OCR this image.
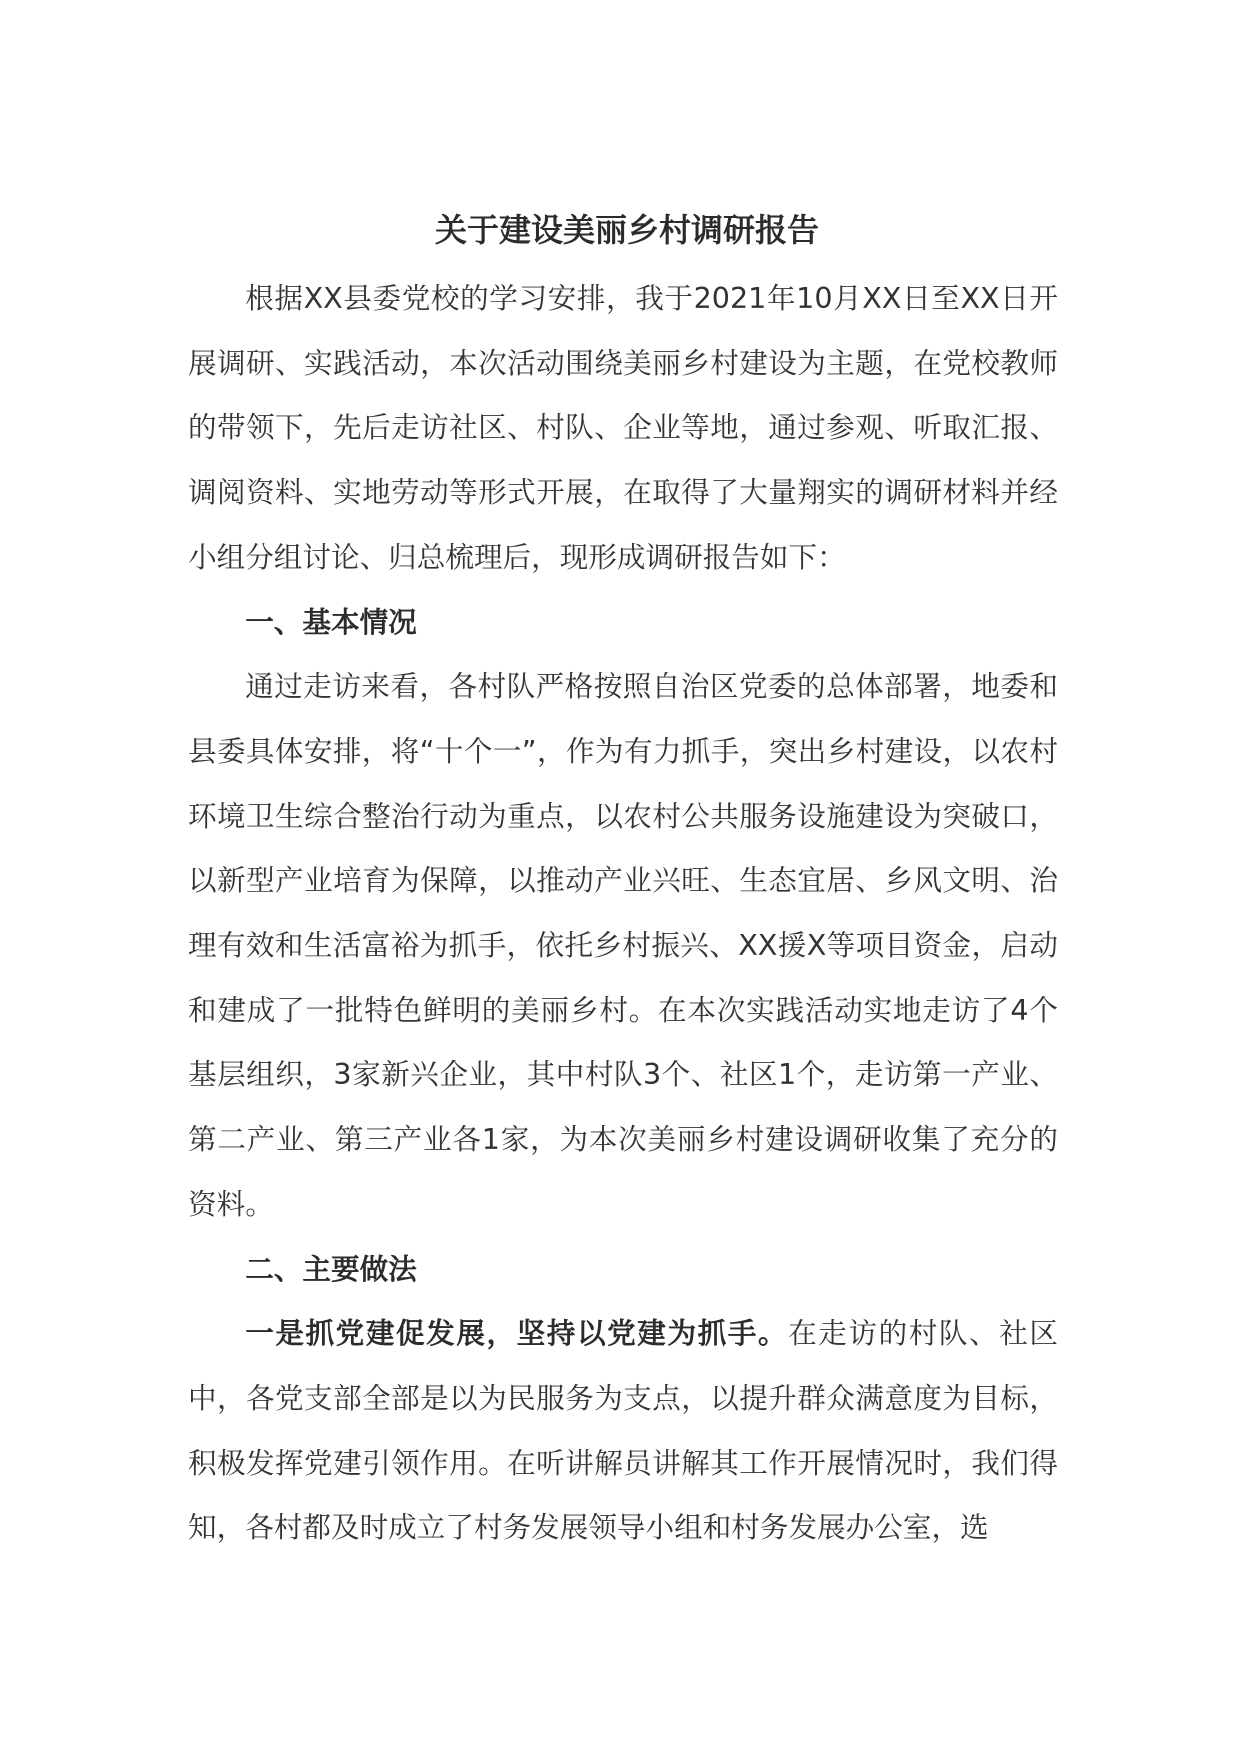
关于建设美丽乡村调研报告

根据XX县委党校的学习安排，我于2021年10月XX日至XX日开展调研、实践活动，本次活动围绕美丽乡村建设为主题，在党校教师的带领下，先后走访社区、村队、企业等地，通过参观、听取汇报、调阅资料、实地劳动等形式开展，在取得了大量翔实的调研材料并经小组分组讨论、归总梳理后，现形成调研报告如下：

一、基本情况

通过走访来看，各村队严格按照自治区党委的总体部署，地委和县委具体安排，将“十个一”，作为有力抓手，突出乡村建设，以农村环境卫生综合整治行动为重点，以农村公共服务设施建设为突破口，以新型产业培育为保障，以推动产业兴旺、生态宜居、乡风文明、治理有效和生活富裕为抓手，依托乡村振兴、XX援X等项目资金，启动和建成了一批特色鲜明的美丽乡村。在本次实践活动实地走访了4个基层组织，3家新兴企业，其中村队3个、社区1个，走访第一产业、第二产业、第三产业各1家，为本次美丽乡村建设调研收集了充分的资料。

二、主要做法

一是抓党建促发展，坚持以党建为抓手。在走访的村队、社区中，各党支部全部是以为民服务为支点，以提升群众满意度为目标，积极发挥党建引领作用。在听讲解员讲解其工作开展情况时，我们得知，各村都及时成立了村务发展领导小组和村务发展办公室，选
